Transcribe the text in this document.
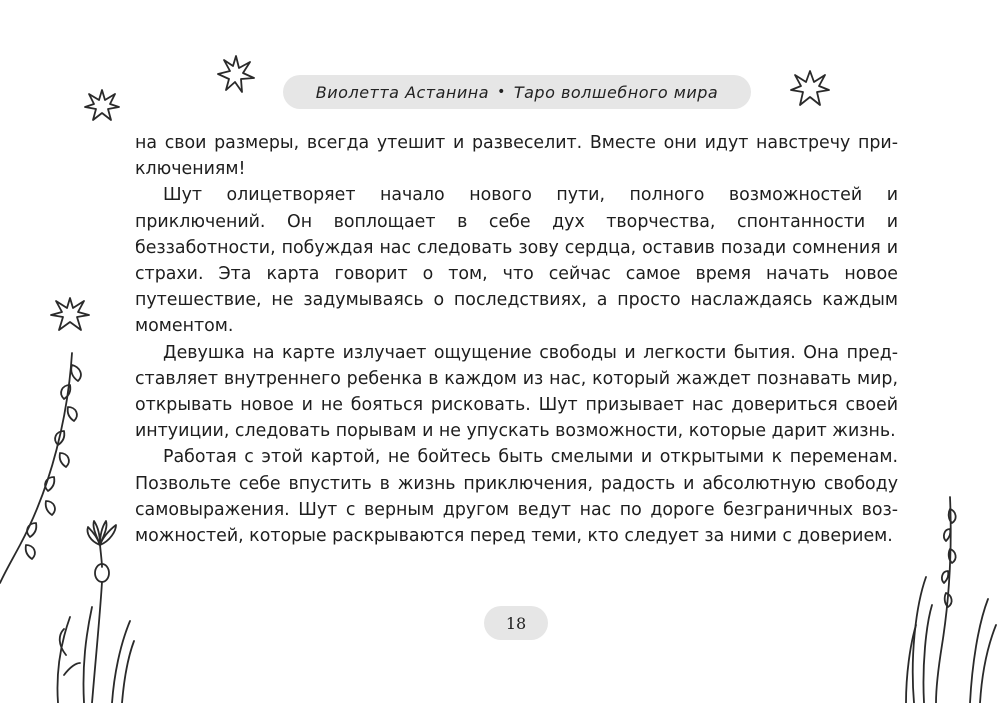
Виолетта Астанина • Таро волшебного мира

на свои размеры, всегда утешит и развеселит. Вместе они идут навстречу приключениям!

Шут олицетворяет начало нового пути, полного возможностей и приключений. Он воплощает в себе дух творчества, спонтанности и беззаботности, побуждая нас следовать зову сердца, оставив позади сомнения и страхи. Эта карта говорит о том, что сейчас самое время начать новое путешествие, не задумываясь о последствиях, а просто наслаждаясь каждым моментом.

Девушка на карте излучает ощущение свободы и легкости бытия. Она представляет внутреннего ребенка в каждом из нас, который жаждет познавать мир, открывать новое и не бояться рисковать. Шут призывает нас довериться своей интуиции, следовать порывам и не упускать возможности, которые дарит жизнь.

Работая с этой картой, не бойтесь быть смелыми и открытыми к переменам. Позвольте себе впустить в жизнь приключения, радость и абсолютную свободу самовыражения. Шут с верным другом ведут нас по дороге безграничных возможностей, которые раскрываются перед теми, кто следует за ними с доверием.

18
